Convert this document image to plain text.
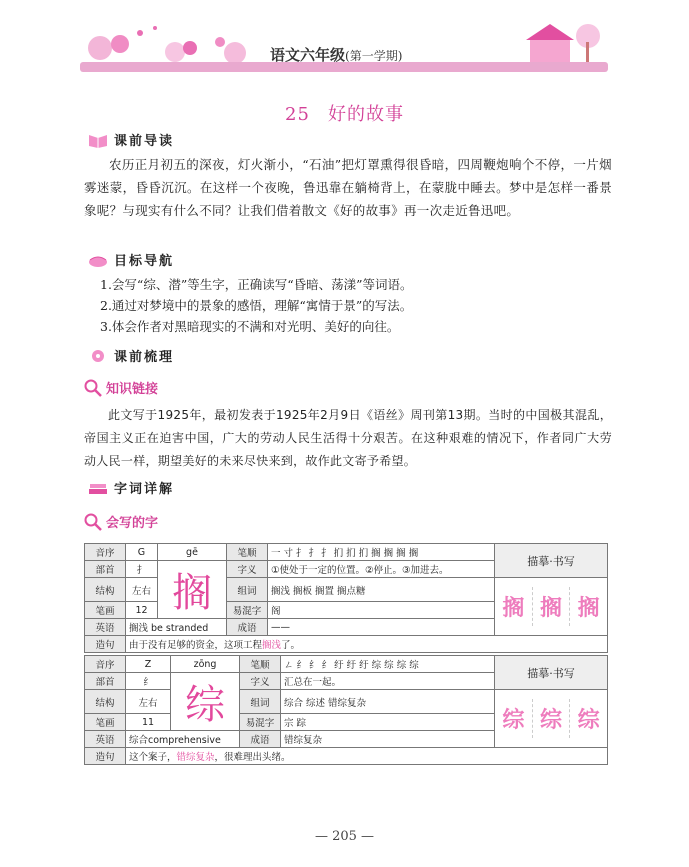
语文六年级(第一学期)
25 好的故事
课前导读
农历正月初五的深夜，灯火渐小，“石油”把灯罩熏得很昏暗，四周鞭炮响个不停，一片烟雾迷蒙，昏昏沉沉。在这样一个夜晚，鲁迅靠在躺椅背上，在蒙胧中睡去。梦中是怎样一番景象呢？与现实有什么不同？让我们借着散文《好的故事》再一次走近鲁迅吧。
目标导航
1.会写“综、潜”等生字，正确读写“昏暗、荡漾”等词语。
2.通过对梦境中的景象的感悟，理解“寓情于景”的写法。
3.体会作者对黑暗现实的不满和对光明、美好的向往。
课前梳理
知识链接
此文写于1925年，最初发表于1925年2月9日《语丝》周刊第13期。当时的中国极其混乱，帝国主义正在迫害中国，广大的劳动人民生活得十分艰苦。在这种艰难的情况下，作者同广大劳动人民一样，期望美好的未来尽快来到，故作此文寄予希望。
字词详解
会写的字
音序	G	gē	笔顺	一 寸 扌 扌 扌 扪 扪 扪 搁 搁 搁 搁	描摹·书写
部首	扌	搁	字义	①使处于一定的位置。②停止。③加进去。	
结构	左右		组词	搁浅 搁板 搁置 搁点糖	搁 搁 搁

笔画	12		易混字	阁	
英语	搁浅 be stranded		成语	——	
造句	由于没有足够的资金，这项工程搁浅了。				
音序	Z	zōng	笔顺	ㄥ 纟 纟 纟 纡 纡 纡 综 综 综 综	描摹·书写
部首	纟	综	字义	汇总在一起。	
结构	左右		组词	综合 综述 错综复杂	综 综 综

笔画	11		易混字	宗 踪	
英语	综合comprehensive		成语	错综复杂	
造句	这个案子，错综复杂，很难理出头绪。				
— 205 —
